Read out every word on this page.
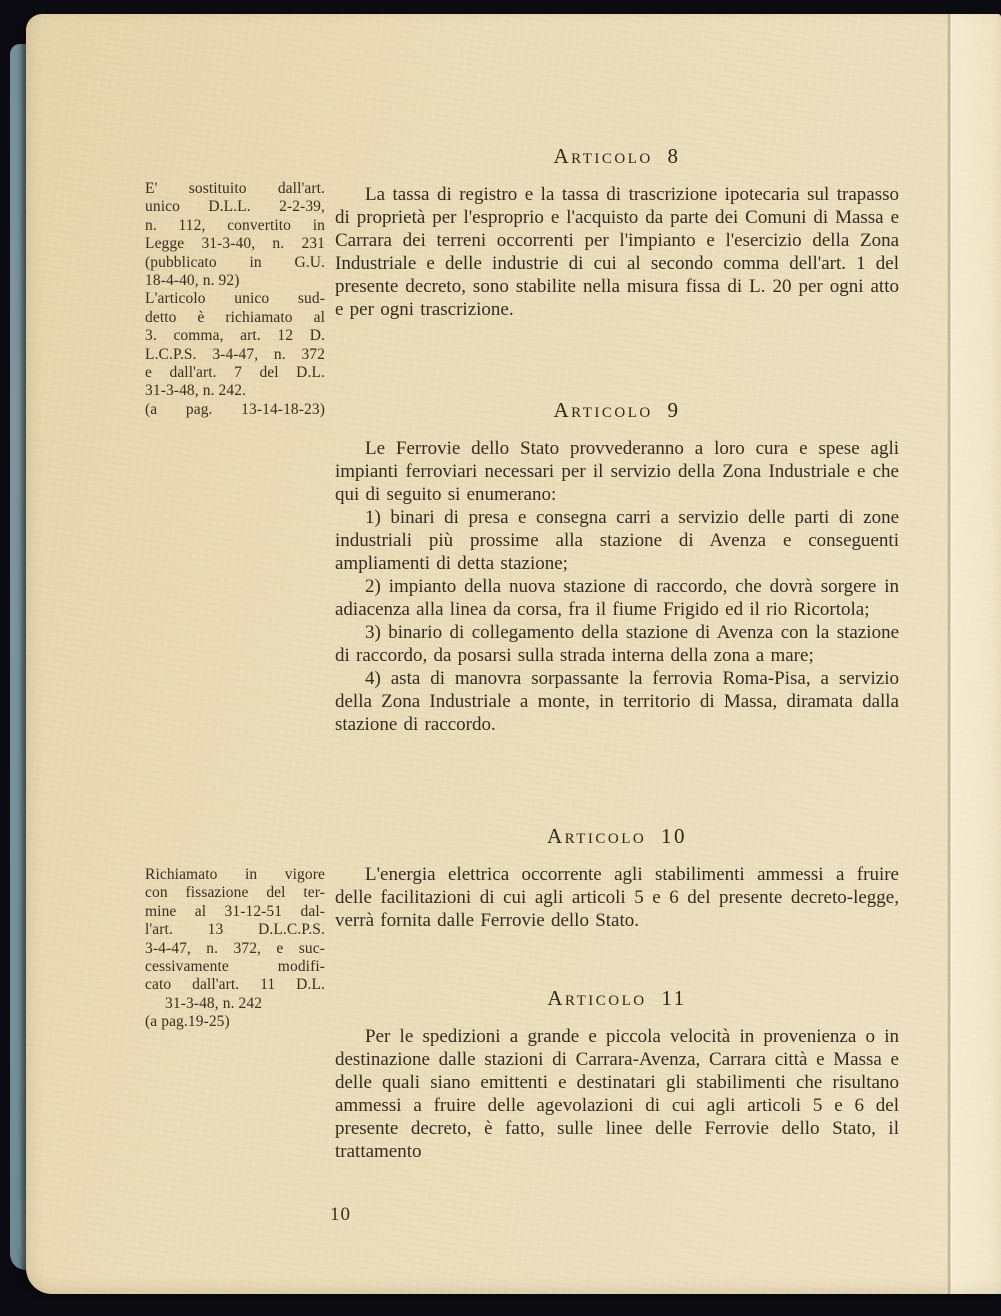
E' sostituito dall'art.
unico D.L.L. 2-2-39,
n. 112, convertito in
Legge 31-3-40, n. 231
(pubblicato in G.U.
18-4-40, n. 92)
L'articolo unico sud-
detto è richiamato al
3. comma, art. 12 D.
L.C.P.S. 3-4-47, n. 372
e dall'art. 7 del D.L.
31-3-48, n. 242.
(a pag. 13-14-18-23)
Richiamato in vigore
con fissazione del ter-
mine al 31-12-51 dal-
l'art. 13 D.L.C.P.S.
3-4-47, n. 372, e suc-
cessivamente modifi-
cato dall'art. 11 D.L.
31-3-48, n. 242
(a pag.19-25)
Articolo 8

La tassa di registro e la tassa di trascrizione ipotecaria sul trapasso di proprietà per l'esproprio e l'acquisto da parte dei Comuni di Massa e Carrara dei terreni occorrenti per l'impianto e l'esercizio della Zona Industriale e delle industrie di cui al secondo comma dell'art. 1 del presente decreto, sono stabilite nella misura fissa di L. 20 per ogni atto e per ogni trascrizione.

Articolo 9

Le Ferrovie dello Stato provvederanno a loro cura e spese agli impianti ferroviari necessari per il servizio della Zona Industriale e che qui di seguito si enumerano:

1) binari di presa e consegna carri a servizio delle parti di zone industriali più prossime alla stazione di Avenza e conseguenti ampliamenti di detta stazione;

2) impianto della nuova stazione di raccordo, che dovrà sorgere in adiacenza alla linea da corsa, fra il fiume Frigido ed il rio Ricortola;

3) binario di collegamento della stazione di Avenza con la stazione di raccordo, da posarsi sulla strada interna della zona a mare;

4) asta di manovra sorpassante la ferrovia Roma-Pisa, a servizio della Zona Industriale a monte, in territorio di Massa, diramata dalla stazione di raccordo.

Articolo 10

L'energia elettrica occorrente agli stabilimenti ammessi a fruire delle facilitazioni di cui agli articoli 5 e 6 del presente decreto-legge, verrà fornita dalle Ferrovie dello Stato.

Articolo 11

Per le spedizioni a grande e piccola velocità in provenienza o in destinazione dalle stazioni di Carrara-Avenza, Carrara città e Massa e delle quali siano emittenti e destinatari gli stabilimenti che risultano ammessi a fruire delle agevolazioni di cui agli articoli 5 e 6 del presente decreto, è fatto, sulle linee delle Ferrovie dello Stato, il trattamento

10
